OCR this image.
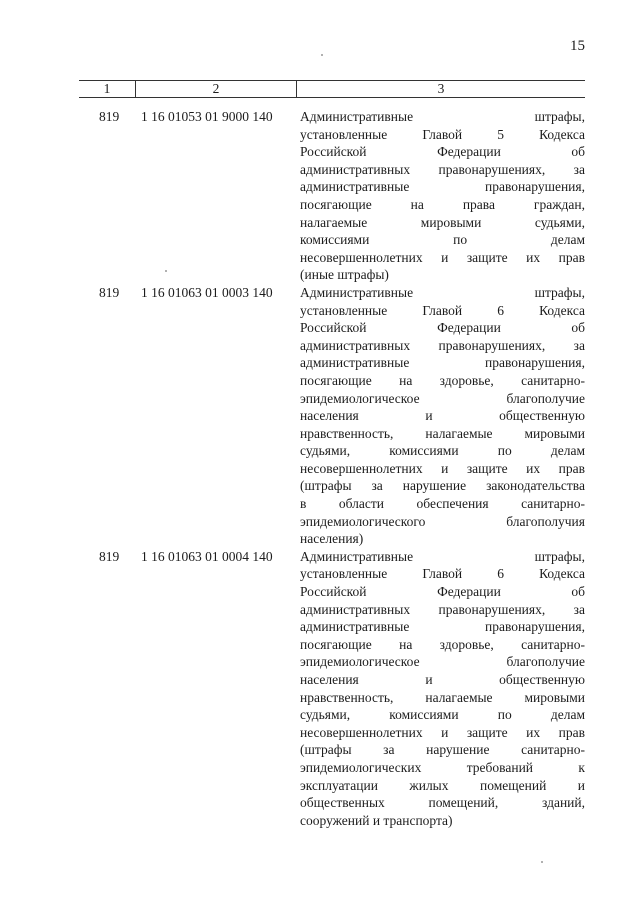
15
1	2	3
819	1 16 01053 01 9000 140	Административные штрафы,
установленные Главой 5 Кодекса
Российской Федерации об
административных правонарушениях, за
административные правонарушения,
посягающие на права граждан,
налагаемые мировыми судьями,
комиссиями по делам
несовершеннолетних и защите их прав
(иные штрафы)
819	1 16 01063 01 0003 140	Административные штрафы,
установленные Главой 6 Кодекса
Российской Федерации об
административных правонарушениях, за
административные правонарушения,
посягающие на здоровье, санитарно-
эпидемиологическое благополучие
населения и общественную
нравственность, налагаемые мировыми
судьями, комиссиями по делам
несовершеннолетних и защите их прав
(штрафы за нарушение законодательства
в области обеспечения санитарно-
эпидемиологического благополучия
населения)
819	1 16 01063 01 0004 140	Административные штрафы,
установленные Главой 6 Кодекса
Российской Федерации об
административных правонарушениях, за
административные правонарушения,
посягающие на здоровье, санитарно-
эпидемиологическое благополучие
населения и общественную
нравственность, налагаемые мировыми
судьями, комиссиями по делам
несовершеннолетних и защите их прав
(штрафы за нарушение санитарно-
эпидемиологических требований к
эксплуатации жилых помещений и
общественных помещений, зданий,
сооружений и транспорта)
